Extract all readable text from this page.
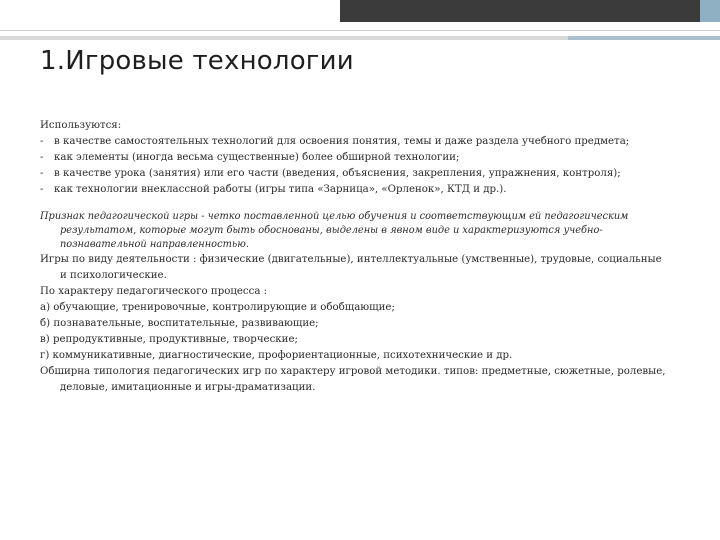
1.Игровые технологии

Используются:

- в качестве самостоятельных технологий для освоения понятия, темы и даже раздела учебного предмета;
- как элементы (иногда весьма существенные) более обширной технологии;
- в качестве урока (занятия) или его части (введения, объяснения, закрепления, упражнения, контроля);
- как технологии внеклассной работы (игры типа «Зарница», «Орленок», КТД и др.).

Признак педагогической игры - четко поставленной целью обучения и соответствующим ей педагогическим результатом, которые могут быть обоснованы, выделены в явном виде и характеризуются учебно-познавательной направленностью.

Игры по виду деятельности : физические (двигательные), интеллектуальные (умственные), трудовые, социальные и психологические.

По характеру педагогического процесса :

а) обучающие, тренировочные, контролирующие и обобщающие;

б) познавательные, воспитательные, развивающие;

в) репродуктивные, продуктивные, творческие;

г) коммуникативные, диагностические, профориентационные, психотехнические и др.

Обширна типология педагогических игр по характеру игровой методики. типов: предметные, сюжетные, ролевые, деловые, имитационные и игры-драматизации.
